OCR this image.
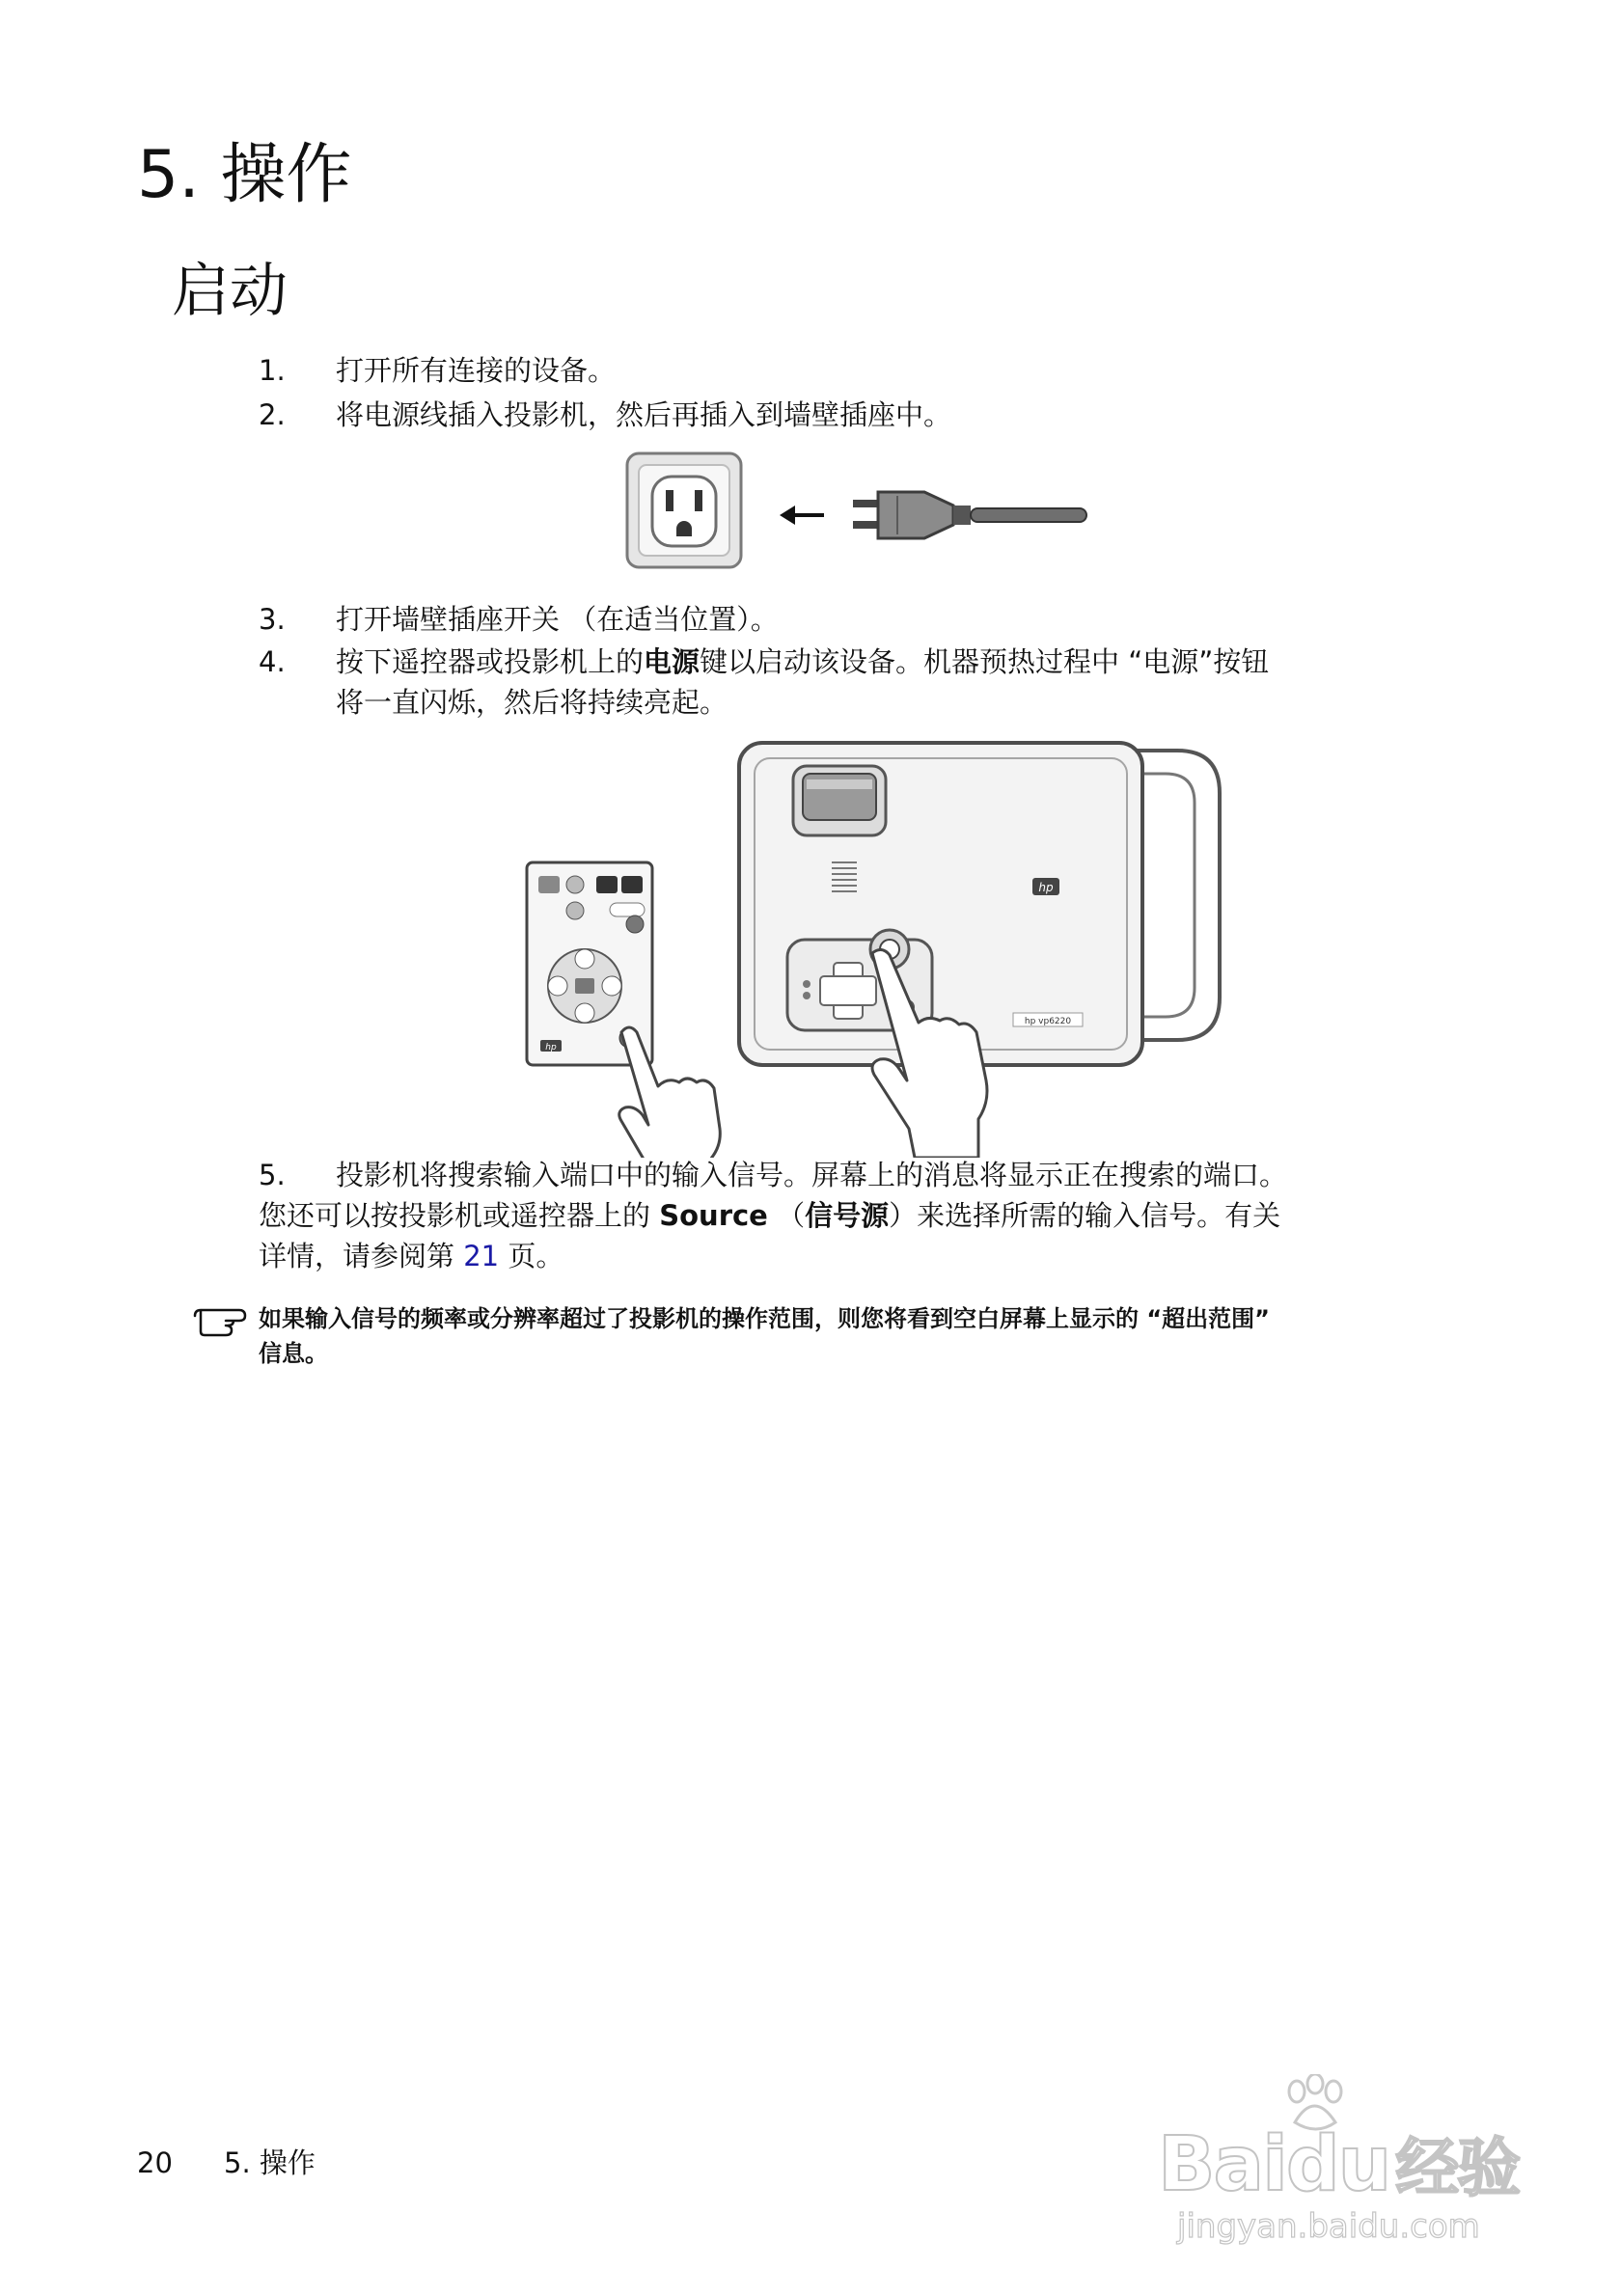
5. 操作
启动
1. 打开所有连接的设备。
2. 将电源线插入投影机，然后再插入到墙壁插座中。
3. 打开墙壁插座开关 （在适当位置）。
4. 按下遥控器或投影机上的电源键以启动该设备。机器预热过程中 “电源”按钮
将一直闪烁，然后将持续亮起。
hp
hp vp6220
hp
5. 投影机将搜索输入端口中的输入信号。屏幕上的消息将显示正在搜索的端口。
您还可以按投影机或遥控器上的 Source （信号源）来选择所需的输入信号。有关
详情，请参阅第 21 页。
如果输入信号的频率或分辨率超过了投影机的操作范围，则您将看到空白屏幕上显示的 “超出范围”
信息。
20 5. 操作	Baidu经验
jingyan.baidu.com
